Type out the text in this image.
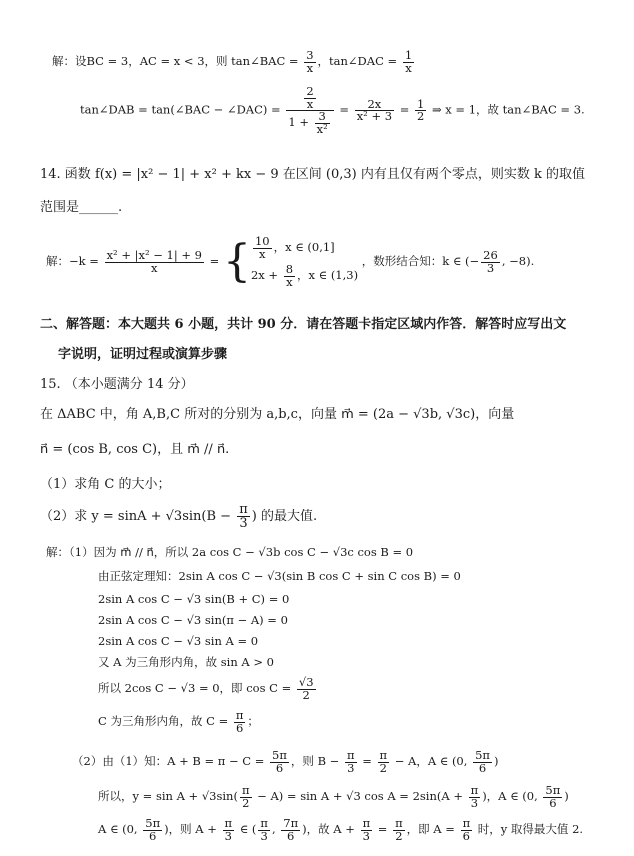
解：设BC = 3，AC = x < 3，则 tan∠BAC = $\frac{3}{x}$ ，tan∠DAC = $\frac{1}{x}$
tan∠DAB = tan(∠BAC − ∠DAC) = $\frac{\frac{2}{x}}{1 + \frac{3}{\text{x²}}} = \frac{2x}{\text{x² + 3}} = \frac{1}{2}$ ⇒ x = 1，故 tan∠BAC = 3.
14. 函数 f(x) = |x² − 1| + x² + kx − 9 在区间 (0,3) 内有且仅有两个零点，则实数 k 的取值
范围是______.
解：$-k = \frac{\text{x² + |x² − 1| + 9}}{x}$ = { $\frac{10}{x}$ ，x ∈ (0,1]
$2x + \frac{8}{x}$ ，x ∈ (1,3)
，数形结合知：k ∈ (− $\frac{26}{3}$ , −8).
二、解答题：本大题共 6 小题，共计 90 分．请在答题卡指定区域内作答．解答时应写出文
字说明，证明过程或演算步骤
15. （本小题满分 14 分）
在 ΔABC 中，角 A,B,C 所对的分别为 a,b,c，向量 m⃗ = (2a − √3b, √3c)，向量
n⃗ = (cos B, cos C)，且 m⃗ // n⃗.
（1）求角 C 的大小；
（2）求 $y = \sin A + √3\sin(B - \frac{\pi}{3}$ ) 的最大值.
解：（1）因为 m⃗ // n⃗，所以 2a cos C − √3b cos C − √3c cos B = 0
由正弦定理知：2sin A cos C − √3(sin B cos C + sin C cos B) = 0
2sin A cos C − √3 sin(B + C) = 0
2sin A cos C − √3 sin(π − A) = 0
2sin A cos C − √3 sin A = 0
又 A 为三角形内角，故 sin A > 0
所以 2cos C − √3 = 0，即 $\cos C = \frac{√3}{2}$
C 为三角形内角，故 $C = \frac{\pi}{6}$ ；
（2）由（1）知：$A + B = \pi - C = \frac{5\pi}{6}$ ，则 $B - \frac{\pi}{3} = \frac{\pi}{2} - A$，A ∈ (0, $\frac{5\pi}{6}$ )
所以，$y = \sin A + √3\sin( \frac{\pi}{2} - A) = \sin A + √3$ $\cos A = 2\sin(A + \frac{\pi}{3}$ )，A ∈ (0, $\frac{5\pi}{6}$ )
A ∈ (0, $\frac{5\pi}{6}$ )，则 $A + \frac{\pi}{3}$ ∈ ( $\frac{\pi}{3}$ , $\frac{7\pi}{6}$ )，故 $A + \frac{\pi}{3} = \frac{\pi}{2}$ ，即 $A = \frac{\pi}{6}$ 时，y 取得最大值 2.
